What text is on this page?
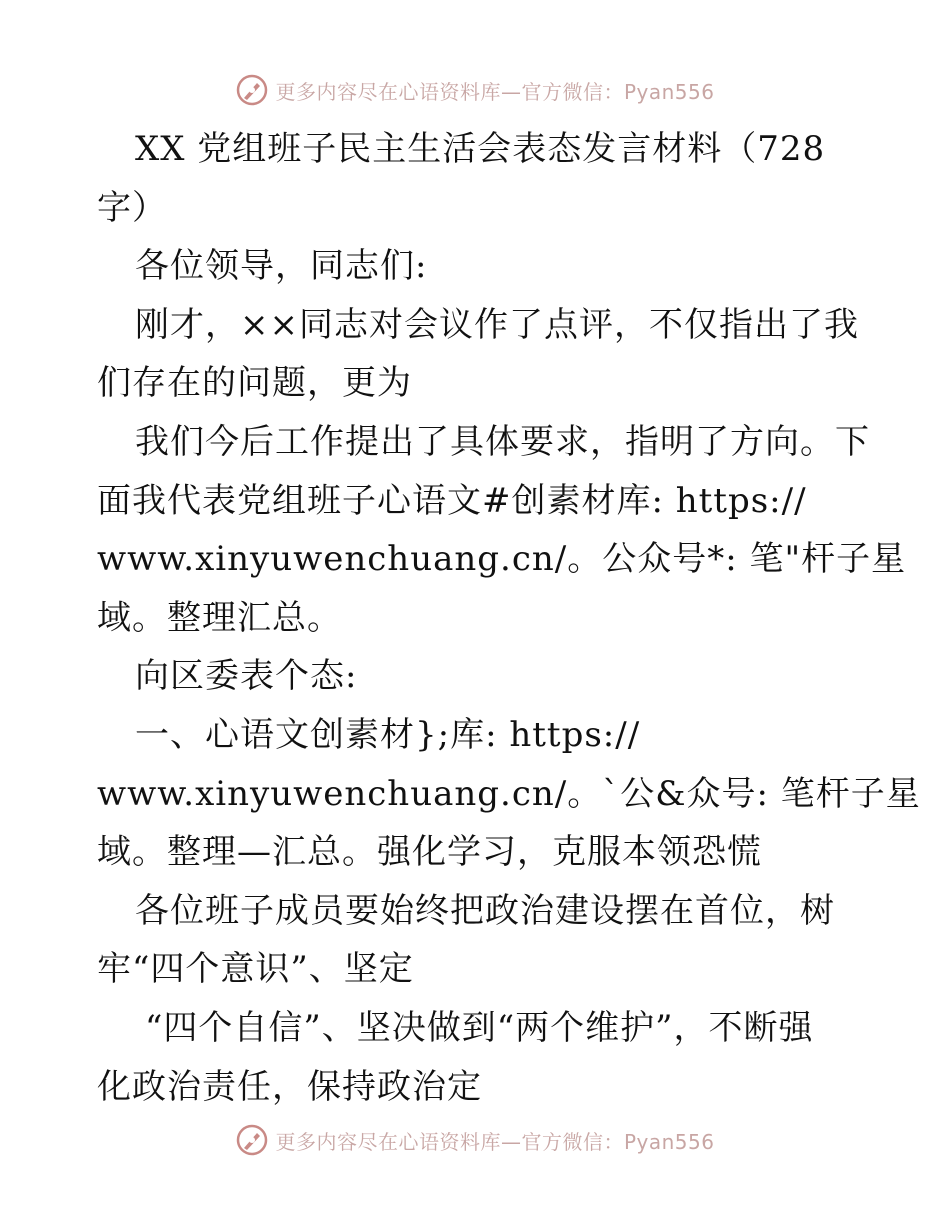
更多内容尽在心语资料库—官方微信：Pyan556
XX 党组班子民主生活会表态发言材料（728
字）
各位领导，同志们:
刚才，××同志对会议作了点评，不仅指出了我
们存在的问题，更为
我们今后工作提出了具体要求，指明了方向。下
面我代表党组班子心语文#创素材库: https://
www.xinyuwenchuang.cn/。公众号*: 笔"杆子星
域。整理汇总。
向区委表个态:
一、心语文创素材};库: https://
www.xinyuwenchuang.cn/。`公&众号: 笔杆子星
域。整理—汇总。强化学习，克服本领恐慌
各位班子成员要始终把政治建设摆在首位，树
牢“四个意识”、坚定
“四个自信”、坚决做到“两个维护”，不断强
化政治责任，保持政治定
更多内容尽在心语资料库—官方微信：Pyan556
